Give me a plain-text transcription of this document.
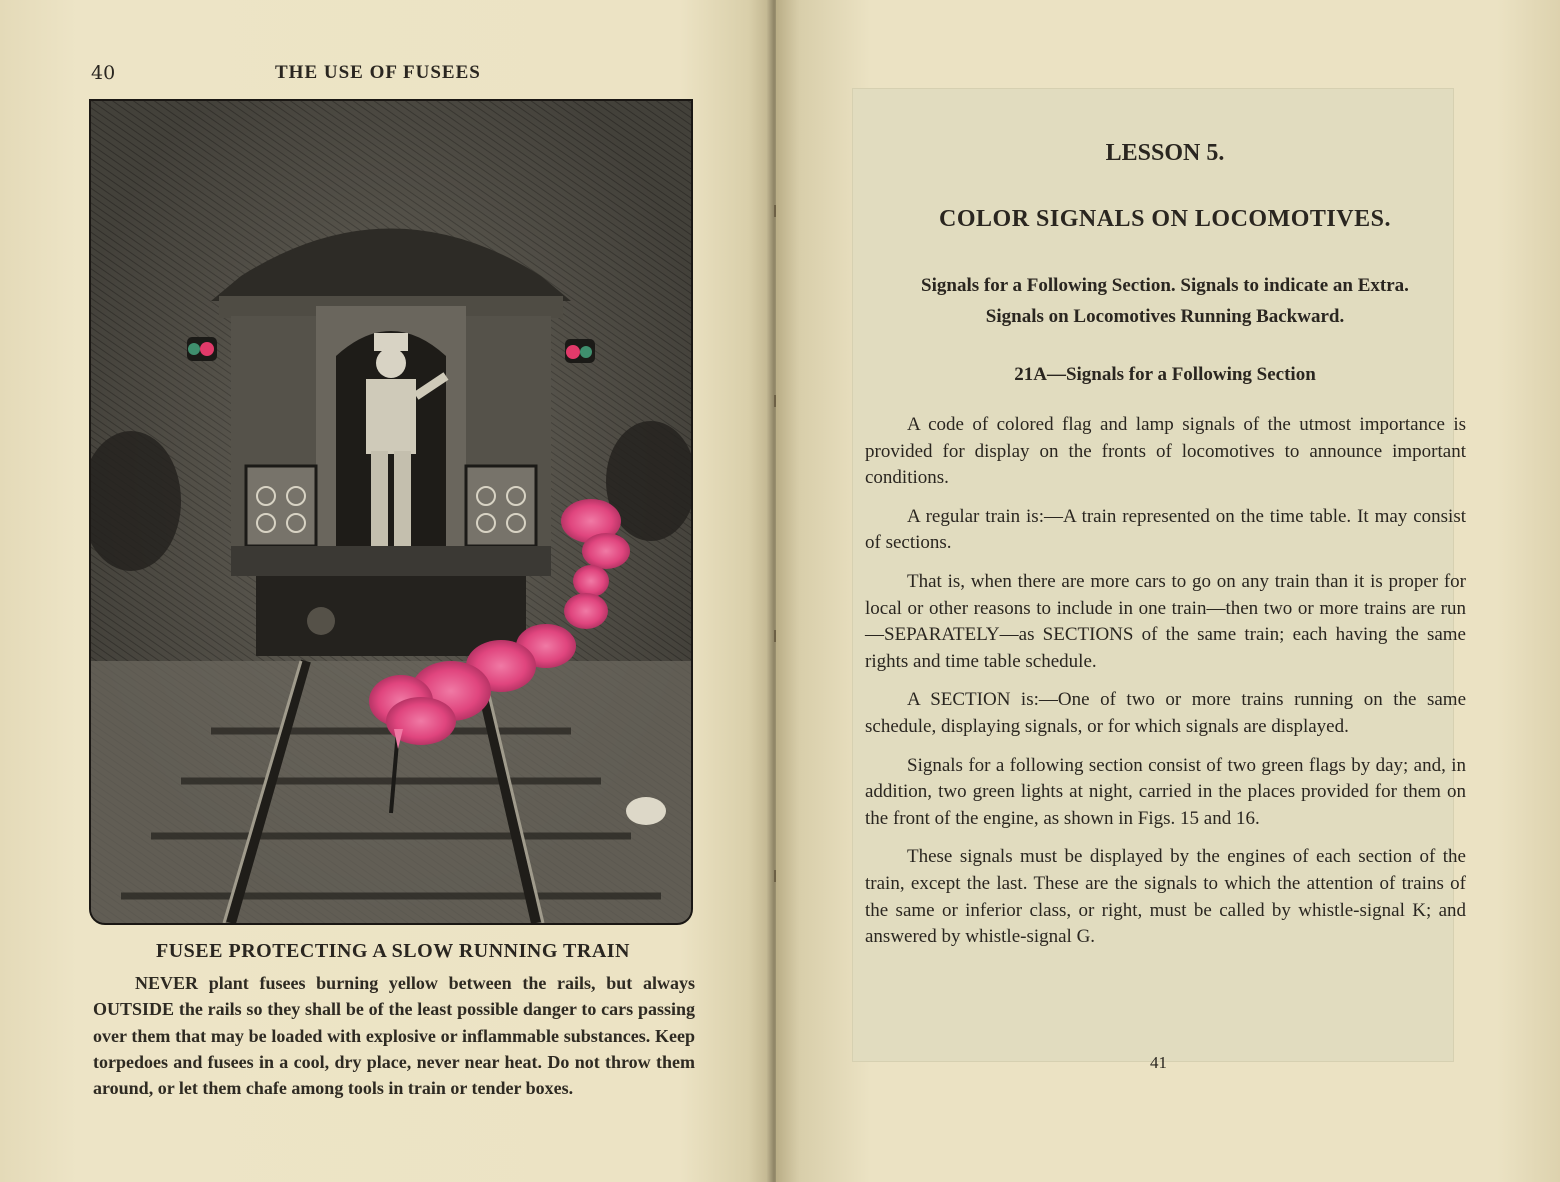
40	THE USE OF FUSEES
FUSEE PROTECTING A SLOW RUNNING TRAIN
NEVER plant fusees burning yellow between the rails, but always OUTSIDE the rails so they shall be of the least possible danger to cars passing over them that may be loaded with explosive or inflammable substances. Keep torpedoes and fusees in a cool, dry place, never near heat. Do not throw them around, or let them chafe among tools in train or tender boxes.
LESSON 5.
COLOR SIGNALS ON LOCOMOTIVES.
Signals for a Following Section. Signals to indicate an Extra.
Signals on Locomotives Running Backward.
21A—Signals for a Following Section

A code of colored flag and lamp signals of the utmost importance is provided for display on the fronts of locomotives to announce important conditions.

A regular train is:—A train represented on the time table. It may consist of sections.

That is, when there are more cars to go on any train than it is proper for local or other reasons to include in one train—then two or more trains are run—SEPARATELY—as SECTIONS of the same train; each having the same rights and time table schedule.

A SECTION is:—One of two or more trains running on the same schedule, displaying signals, or for which signals are displayed.

Signals for a following section consist of two green flags by day; and, in addition, two green lights at night, carried in the places provided for them on the front of the engine, as shown in Figs. 15 and 16.

These signals must be displayed by the engines of each section of the train, except the last. These are the signals to which the attention of trains of the same or inferior class, or right, must be called by whistle-signal K; and answered by whistle-signal G.

41
